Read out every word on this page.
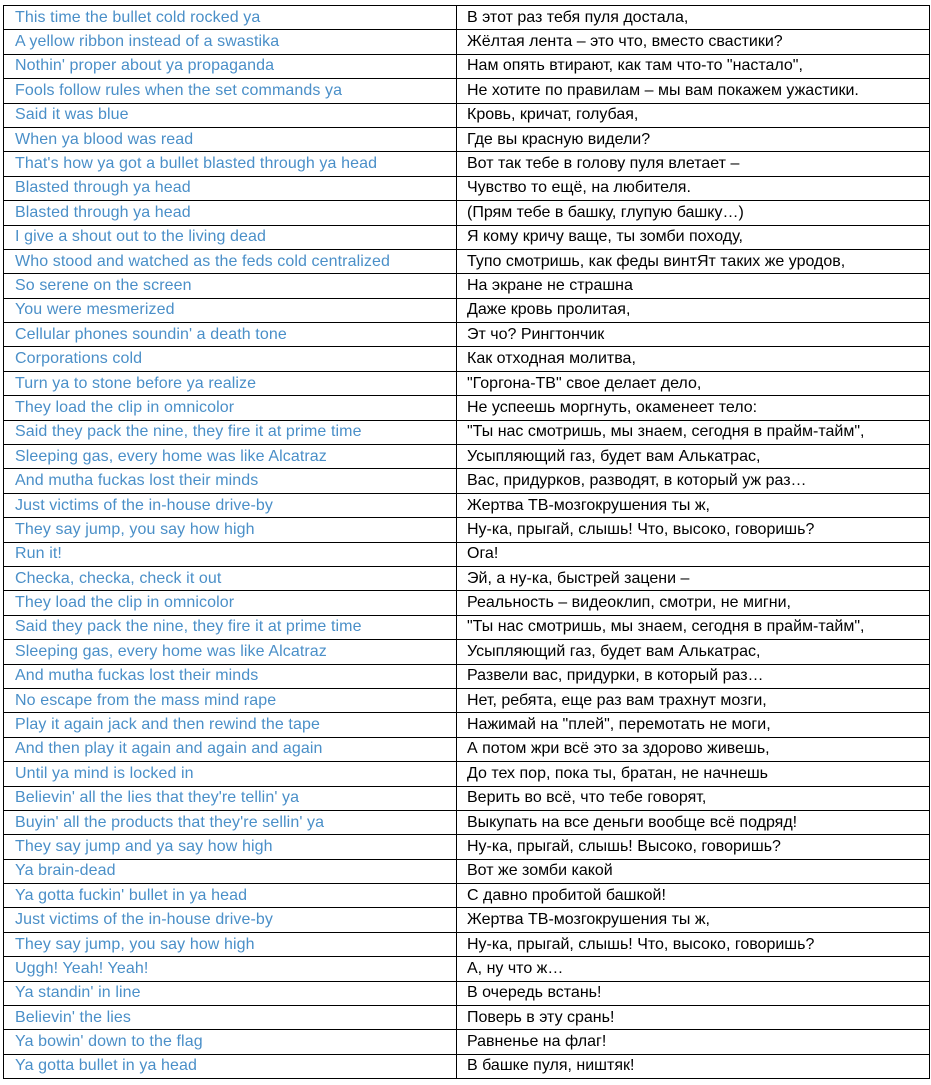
This time the bullet cold rocked ya	В этот раз тебя пуля достала,
A yellow ribbon instead of a swastika	Жёлтая лента – это что, вместо свастики?
Nothin' proper about ya propaganda	Нам опять втирают, как там что-то "настало",
Fools follow rules when the set commands ya	Не хотите по правилам – мы вам покажем ужастики.
Said it was blue	Кровь, кричат, голубая,
When ya blood was read	Где вы красную видели?
That's how ya got a bullet blasted through ya head	Вот так тебе в голову пуля влетает –
Blasted through ya head	Чувство то ещё, на любителя.
Blasted through ya head	(Прям тебе в башку, глупую башку…)
I give a shout out to the living dead	Я кому кричу ваще, ты зомби походу,
Who stood and watched as the feds cold centralized	Тупо смотришь, как феды винтЯт таких же уродов,
So serene on the screen	На экране не страшна
You were mesmerized	Даже кровь пролитая,
Cellular phones soundin' a death tone	Эт чо? Рингтончик
Corporations cold	Как отходная молитва,
Turn ya to stone before ya realize	"Горгона-ТВ" свое делает дело,
They load the clip in omnicolor	Не успеешь моргнуть, окаменеет тело:
Said they pack the nine, they fire it at prime time	"Ты нас смотришь, мы знаем, сегодня в прайм-тайм",
Sleeping gas, every home was like Alcatraz	Усыпляющий газ, будет вам Алькатрас,
And mutha fuckas lost their minds	Вас, придурков, разводят, в который уж раз…
Just victims of the in-house drive-by	Жертва ТВ-мозгокрушения ты ж,
They say jump, you say how high	Ну-ка, прыгай, слышь! Что, высоко, говоришь?
Run it!	Ога!
Checka, checka, check it out	Эй, а ну-ка, быстрей зацени –
They load the clip in omnicolor	Реальность – видеоклип, смотри, не мигни,
Said they pack the nine, they fire it at prime time	"Ты нас смотришь, мы знаем, сегодня в прайм-тайм",
Sleeping gas, every home was like Alcatraz	Усыпляющий газ, будет вам Алькатрас,
And mutha fuckas lost their minds	Развели вас, придурки, в который раз…
No escape from the mass mind rape	Нет, ребята, еще раз вам трахнут мозги,
Play it again jack and then rewind the tape	Нажимай на "плей", перемотать не моги,
And then play it again and again and again	А потом жри всё это за здорово живешь,
Until ya mind is locked in	До тех пор, пока ты, братан, не начнешь
Believin' all the lies that they're tellin' ya	Верить во всё, что тебе говорят,
Buyin' all the products that they're sellin' ya	Выкупать на все деньги вообще всё подряд!
They say jump and ya say how high	Ну-ка, прыгай, слышь! Высоко, говоришь?
Ya brain-dead	Вот же зомби какой
Ya gotta fuckin' bullet in ya head	С давно пробитой башкой!
Just victims of the in-house drive-by	Жертва ТВ-мозгокрушения ты ж,
They say jump, you say how high	Ну-ка, прыгай, слышь! Что, высоко, говоришь?
Uggh! Yeah! Yeah!	А, ну что ж…
Ya standin' in line	В очередь встань!
Believin' the lies	Поверь в эту срань!
Ya bowin' down to the flag	Равненье на флаг!
Ya gotta bullet in ya head	В башке пуля, ништяк!
